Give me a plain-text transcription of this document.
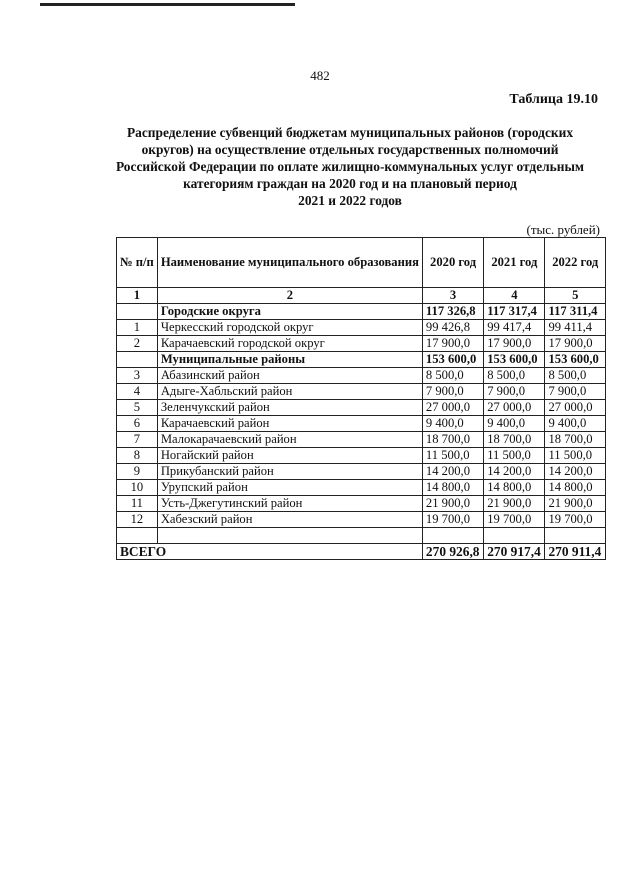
482
Таблица 19.10
Распределение субвенций бюджетам муниципальных районов (городских
округов) на осуществление отдельных государственных полномочий
Российской Федерации по оплате жилищно-коммунальных услуг отдельным
категориям граждан на 2020 год и на плановый период
2021 и 2022 годов
(тыс. рублей)
№ п/п	Наименование муниципального образования	2020 год	2021 год	2022 год
1	2	3	4	5
	Городские округа	117 326,8	117 317,4	117 311,4
1	Черкесский городской округ	99 426,8	99 417,4	99 411,4
2	Карачаевский городской округ	17 900,0	17 900,0	17 900,0
	Муниципальные районы	153 600,0	153 600,0	153 600,0
3	Абазинский район	8 500,0	8 500,0	8 500,0
4	Адыге-Хабльский район	7 900,0	7 900,0	7 900,0
5	Зеленчукский район	27 000,0	27 000,0	27 000,0
6	Карачаевский район	9 400,0	9 400,0	9 400,0
7	Малокарачаевский район	18 700,0	18 700,0	18 700,0
8	Ногайский район	11 500,0	11 500,0	11 500,0
9	Прикубанский район	14 200,0	14 200,0	14 200,0
10	Урупский район	14 800,0	14 800,0	14 800,0
11	Усть-Джегутинский район	21 900,0	21 900,0	21 900,0
12	Хабезский район	19 700,0	19 700,0	19 700,0

ВСЕГО		270 926,8	270 917,4	270 911,4
